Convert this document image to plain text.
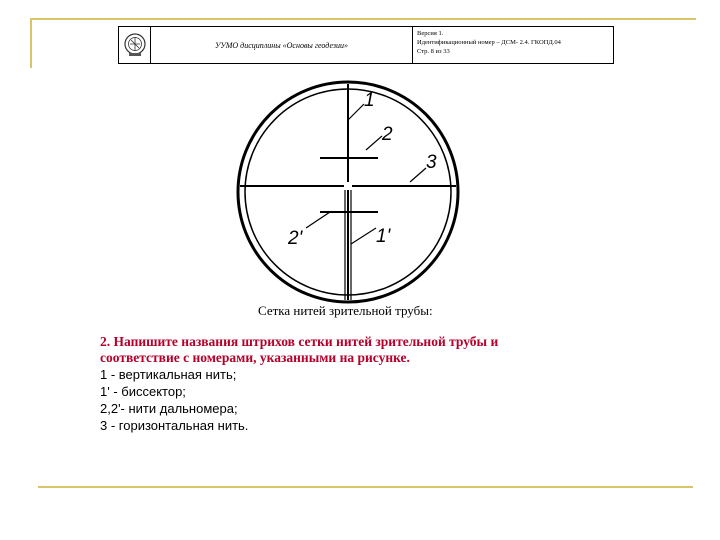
УУМО дисциплины «Основы геодезии»
Версия 1.
Идентификационный номер – ДСМ- 2.4. ГКОПД.04
Стр. 8 из 33
1
2
3
2'	1'
Сетка нитей зрительной трубы:
2. Напишите названия штрихов сетки нитей зрительной трубы и
соответствие с номерами, указанными на рисунке.
1 - вертикальная нить;
1' - биссектор;
2,2'- нити дальномера;
3 - горизонтальная нить.
